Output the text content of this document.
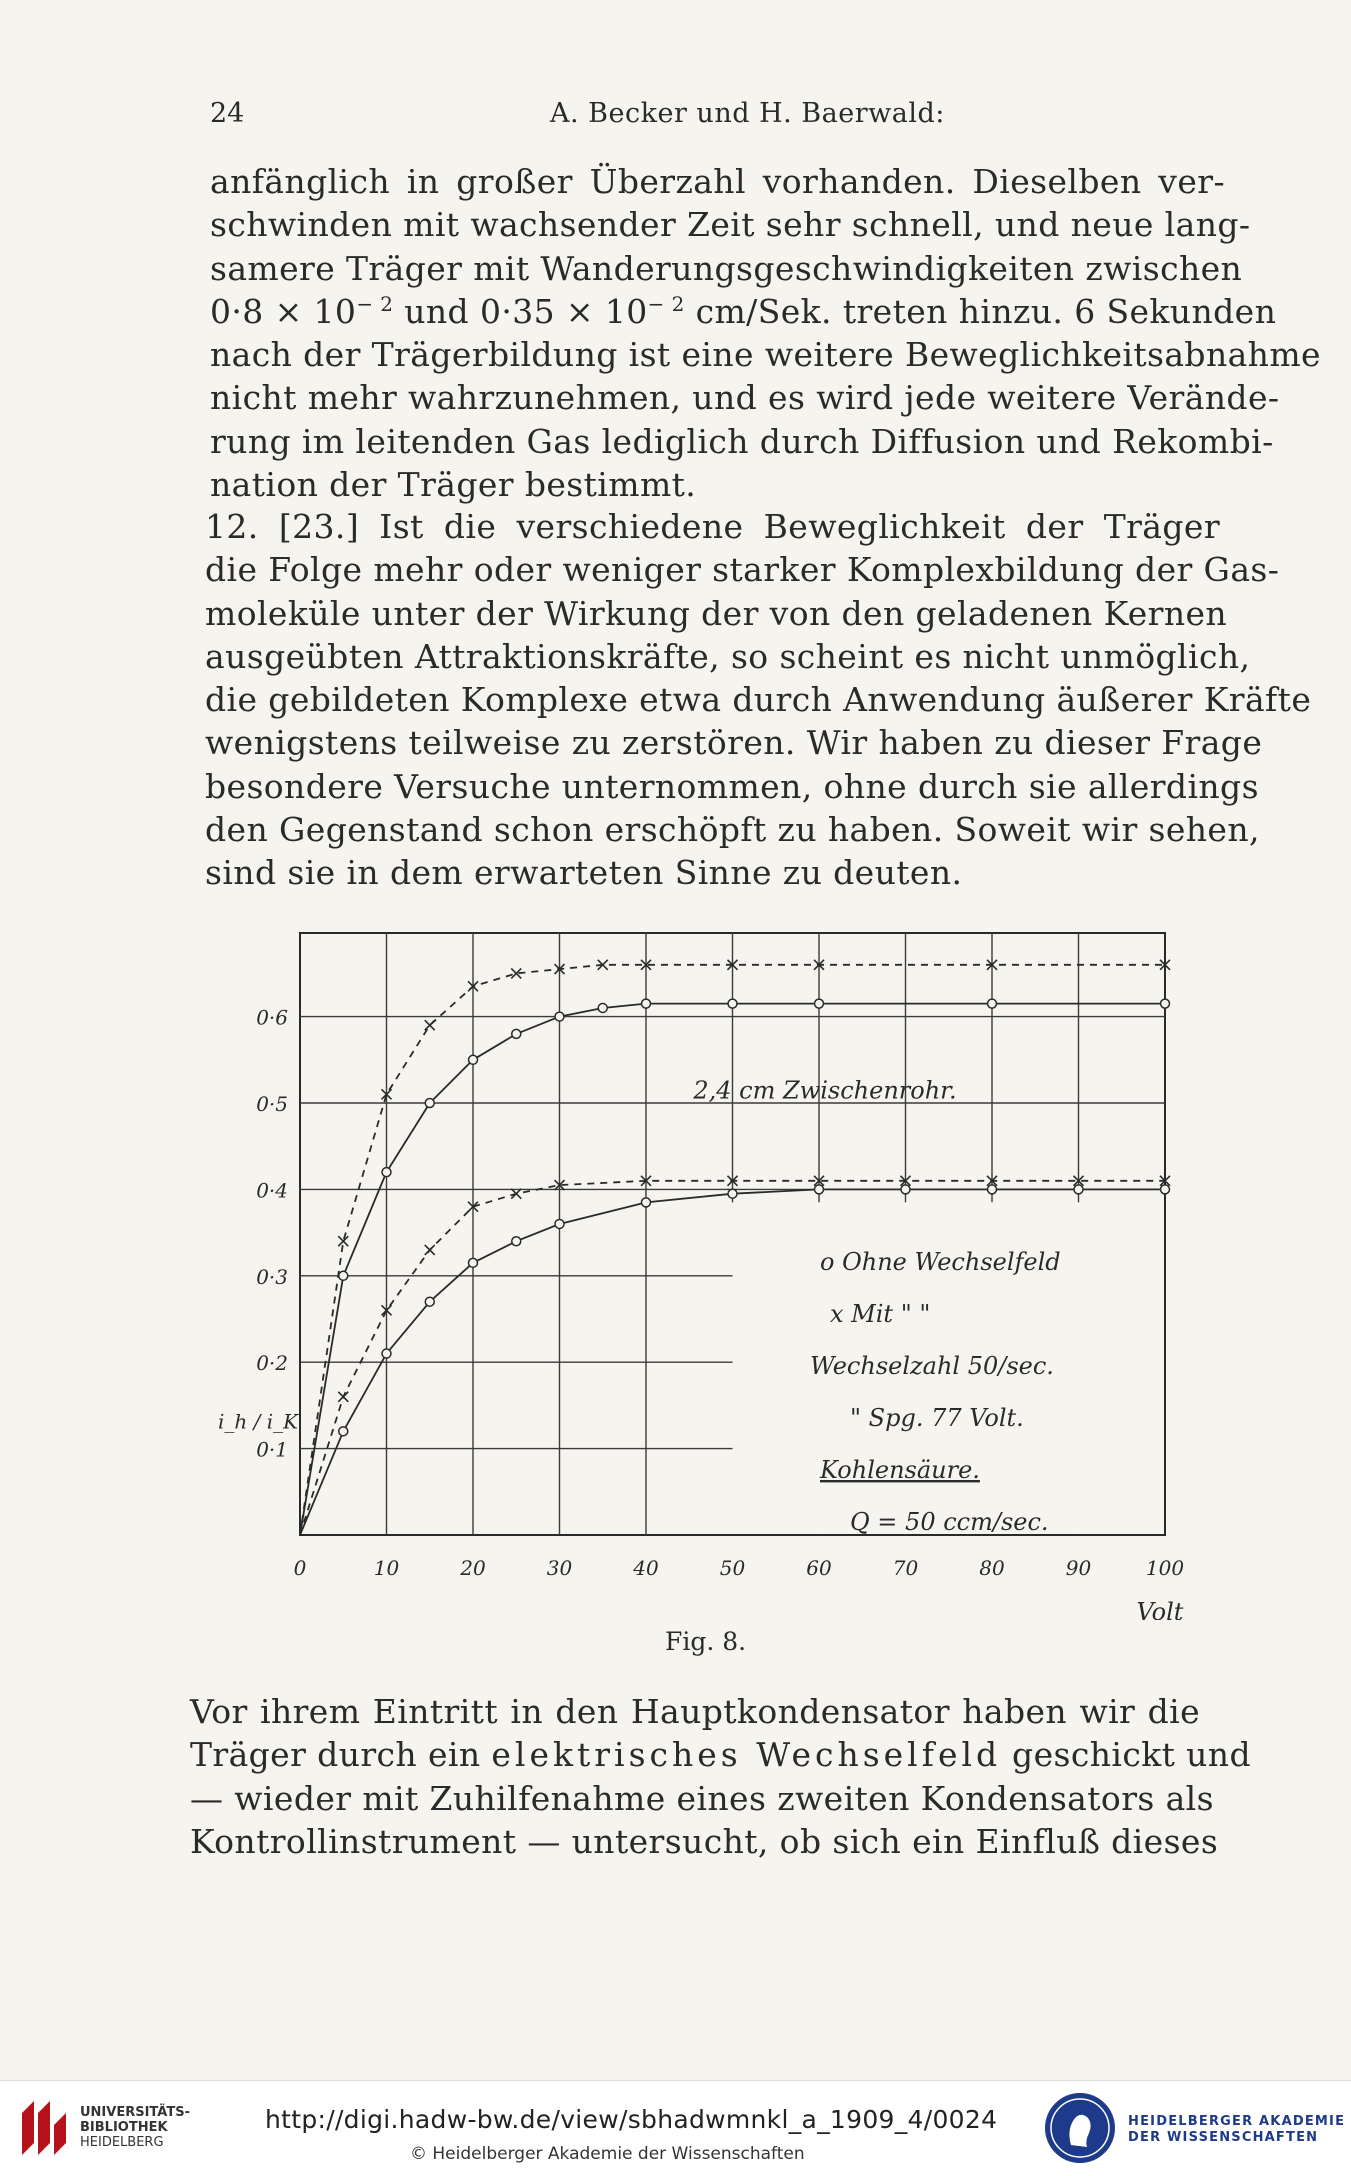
24	A. Becker und H. Baerwald:
anfänglich in großer Überzahl vorhanden. Dieselben ver-
schwinden mit wachsender Zeit sehr schnell, und neue lang-
samere Träger mit Wanderungsgeschwindigkeiten zwischen
$0\cdot 8 \times 10^{- 2}$ und $0\cdot 35 \times 10^{- 2}$ cm/Sek. treten hinzu. 6 Sekunden
nach der Trägerbildung ist eine weitere Beweglichkeitsabnahme
nicht mehr wahrzunehmen, und es wird jede weitere Verände-
rung im leitenden Gas lediglich durch Diffusion und Rekombi-
nation der Träger bestimmt.
12. [23.] Ist die verschiedene Beweglichkeit der Träger
die Folge mehr oder weniger starker Komplexbildung der Gas-
moleküle unter der Wirkung der von den geladenen Kernen
ausgeübten Attraktionskräfte, so scheint es nicht unmöglich,
die gebildeten Komplexe etwa durch Anwendung äußerer Kräfte
wenigstens teilweise zu zerstören. Wir haben zu dieser Frage
besondere Versuche unternommen, ohne durch sie allerdings
den Gegenstand schon erschöpft zu haben. Soweit wir sehen,
sind sie in dem erwarteten Sinne zu deuten.
0	10	20	30	40	50	60	70	80	90	100
0·1
0·2
0·3
0·4
0·5
0·6
i_h / i_K
Volt
2,4 cm Zwischenrohr.
o Ohne Wechselfeld
x Mit " "
Wechselzahl 50/sec.
" Spg. 77 Volt.
Kohlensäure.
Q = 50 ccm/sec.
Fig. 8.
Vor ihrem Eintritt in den Hauptkondensator haben wir die
Träger durch ein elektrisches Wechselfeld geschickt und
— wieder mit Zuhilfenahme eines zweiten Kondensators als
Kontrollinstrument — untersucht, ob sich ein Einfluß dieses
UNIVERSITÄTS-
BIBLIOTHEK
HEIDELBERG
http://digi.hadw-bw.de/view/sbhadwmnkl_a_1909_4/0024
© Heidelberger Akademie der Wissenschaften
HEIDELBERGER AKADEMIE
DER WISSENSCHAFTEN
